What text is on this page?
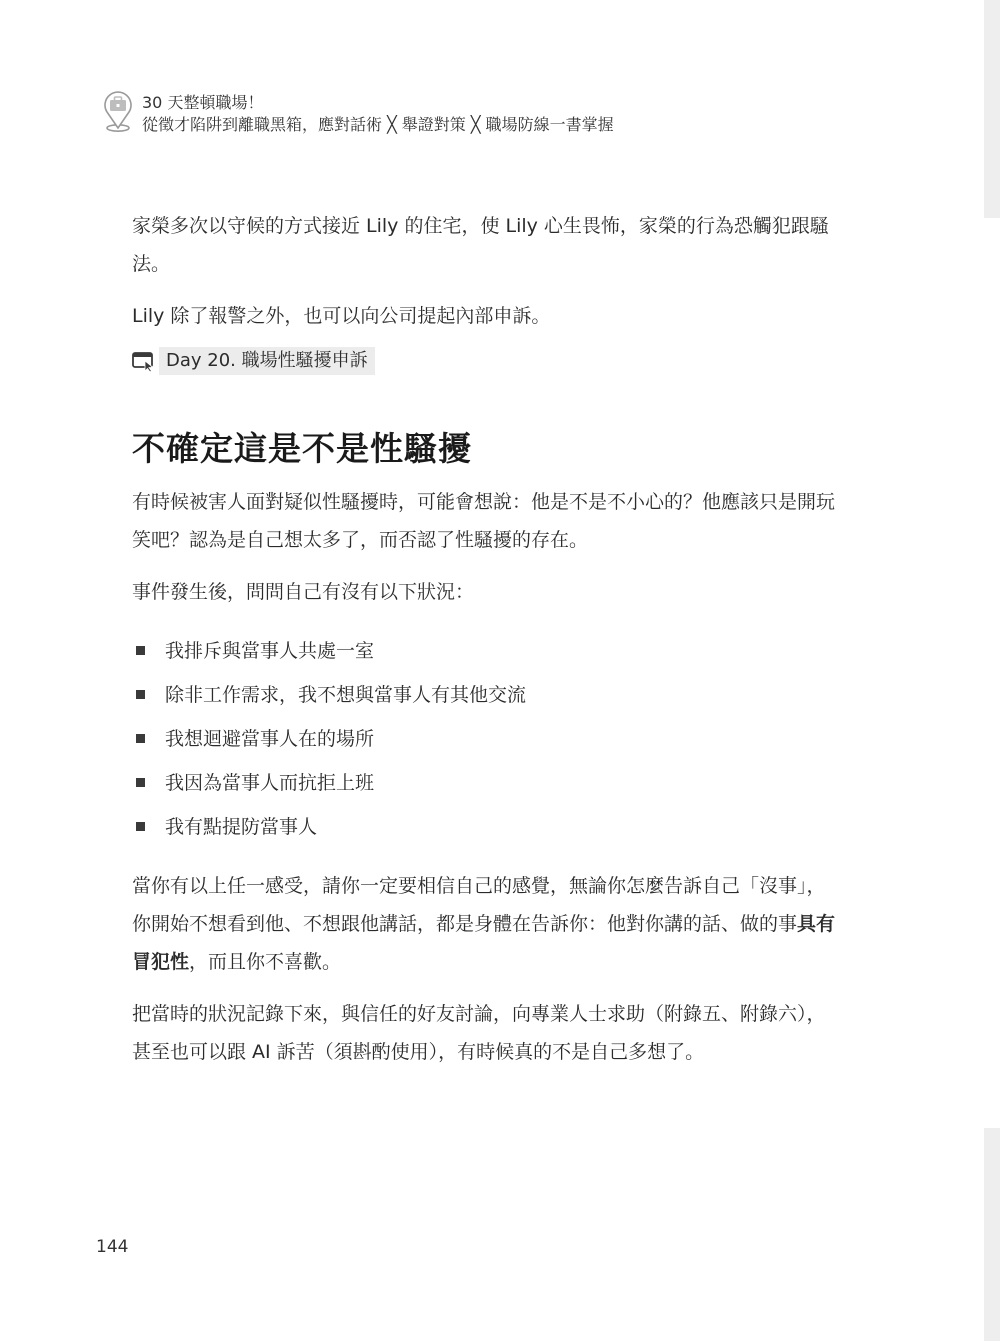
30 天整頓職場！
從徵才陷阱到離職黑箱，應對話術 ╳ 舉證對策 ╳ 職場防線一書掌握

家榮多次以守候的方式接近 Lily 的住宅，使 Lily 心生畏怖，家榮的行為恐觸犯跟騷法。

Lily 除了報警之外，也可以向公司提起內部申訴。

Day 20. 職場性騷擾申訴
不確定這是不是性騷擾

有時候被害人面對疑似性騷擾時，可能會想說：他是不是不小心的？他應該只是開玩笑吧？認為是自己想太多了，而否認了性騷擾的存在。

事件發生後，問問自己有沒有以下狀況：

我排斥與當事人共處一室
除非工作需求，我不想與當事人有其他交流
我想迴避當事人在的場所
我因為當事人而抗拒上班
我有點提防當事人

當你有以上任一感受，請你一定要相信自己的感覺，無論你怎麼告訴自己「沒事」，你開始不想看到他、不想跟他講話，都是身體在告訴你：他對你講的話、做的事具有冒犯性，而且你不喜歡。

把當時的狀況記錄下來，與信任的好友討論，向專業人士求助（附錄五、附錄六），甚至也可以跟 AI 訴苦（須斟酌使用），有時候真的不是自己多想了。

144
